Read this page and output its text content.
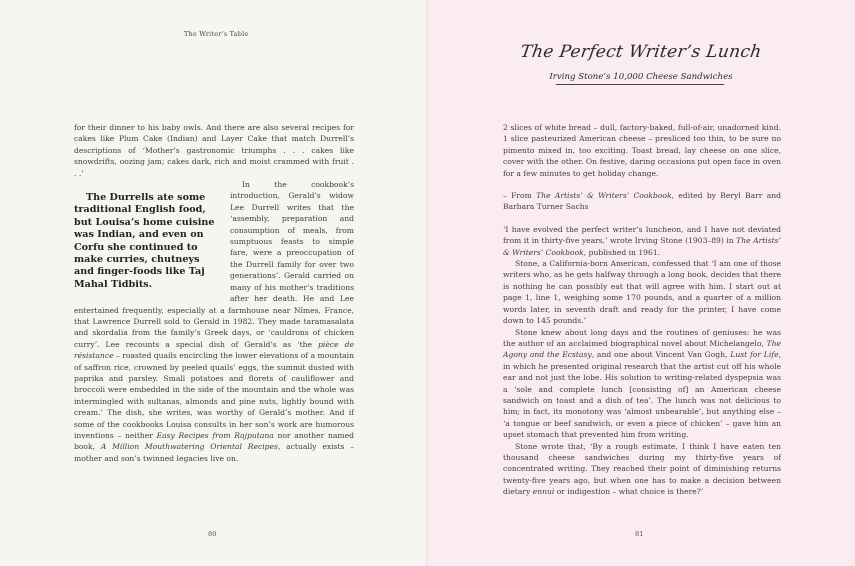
The Writer’s Table

for their dinner to his baby owls. And there are also several recipes for cakes like Plum Cake (Indian) and Layer Cake that match Durrell’s descriptions of ‘Mother’s gastronomic triumphs . . . cakes like snowdrifts, oozing jam; cakes dark, rich and moist crammed with fruit . . .’

The Durrells ate some traditional English food, but Louisa’s home cuisine was Indian, and even on Corfu she continued to make curries, chutneys and finger-foods like Taj Mahal Tidbits.
In the cookbook’s introduction, Gerald’s widow Lee Durrell writes that the ‘assembly, preparation and consumption of meals, from sumptuous feasts to simple fare, were a preoccupation of the Durrell family for over two generations’. Gerald carried on many of his mother’s traditions after her death. He and Lee entertained frequently, especially at a farmhouse near Nîmes, France, that Lawrence Durrell sold to Gerald in 1982. They made taramasalata and skordalia from the family’s Greek days, or ‘cauldrons of chicken curry’. Lee recounts a special dish of Gerald’s as ‘the pièce de résistance – roasted quails encircling the lower elevations of a mountain of saffron rice, crowned by peeled quails’ eggs, the summit dusted with paprika and parsley. Small potatoes and florets of cauliflower and broccoli were embedded in the side of the mountain and the whole was intermingled with sultanas, almonds and pine nuts, lightly bound with cream.’ The dish, she writes, was worthy of Gerald’s mother. And if some of the cookbooks Louisa consults in her son’s work are humorous inventions – neither Easy Recipes from Rajputana nor another named book, A Million Mouthwatering Oriental Recipes, actually exists – mother and son’s twinned legacies live on.

80

2 slices of white bread – dull, factory-baked, full-of-air, unadorned kind. 1 slice pasteurized American cheese – presliced too thin, to be sure no pimento mixed in, too exciting. Toast bread, lay cheese on one slice, cover with the other. On festive, daring occasions put open face in oven for a few minutes to get holiday change.

– From The Artists’ & Writers’ Cookbook, edited by Beryl Barr and Barbara Turner Sachs

‘I have evolved the perfect writer’s luncheon, and I have not deviated from it in thirty-five years,’ wrote Irving Stone (1903–89) in The Artists’ & Writers’ Cookbook, published in 1961.

Stone, a California-born American, confessed that ‘I am one of those writers who, as he gets halfway through a long book, decides that there is nothing he can possibly eat that will agree with him. I start out at page 1, line 1, weighing some 170 pounds, and a quarter of a million words later, in seventh draft and ready for the printer, I have come down to 145 pounds.’

Stone knew about long days and the routines of geniuses: he was the author of an acclaimed biographical novel about Michelangelo, The Agony and the Ecstasy, and one about Vincent Van Gogh, Lust for Life, in which he presented original research that the artist cut off his whole ear and not just the lobe. His solution to writing-related dyspepsia was a ‘sole and complete lunch [consisting of] an American cheese sandwich on toast and a dish of tea’. The lunch was not delicious to him; in fact, its monotony was ‘almost unbearable’, but anything else – ‘a tongue or beef sandwich, or even a piece of chicken’ – gave him an upset stomach that prevented him from writing.

Stone wrote that, ‘By a rough estimate, I think I have eaten ten thousand cheese sandwiches during my thirty-five years of concentrated writing. They reached their point of diminishing returns twenty-five years ago, but when one has to make a decision between dietary ennui or indigestion – what choice is there?’

81
The Perfect Writer’s Lunch
Irving Stone’s 10,000 Cheese Sandwiches
